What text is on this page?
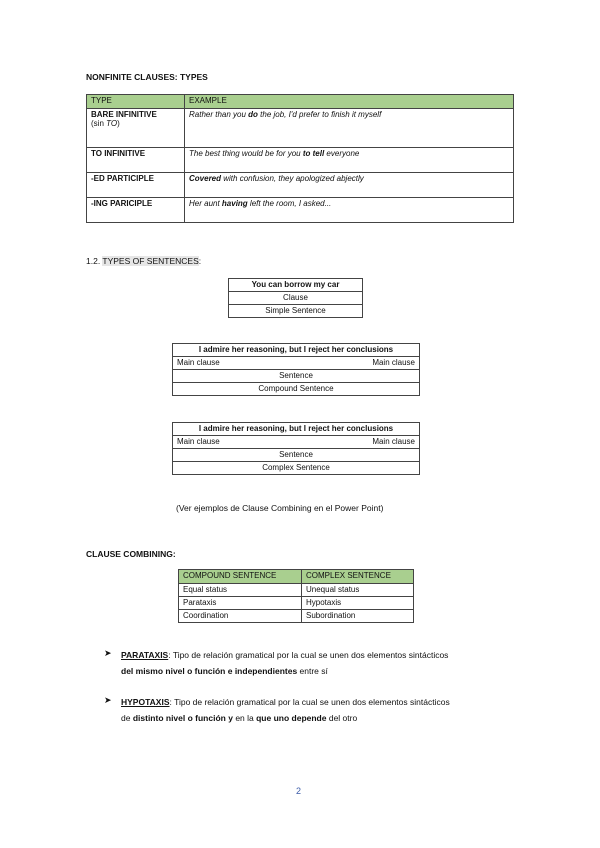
NONFINITE CLAUSES: TYPES
TYPE	EXAMPLE
BARE INFINITIVE
(sin TO)	Rather than you do the job, I'd prefer to finish it myself
TO INFINITIVE	The best thing would be for you to tell everyone
-ED PARTICIPLE	Covered with confusion, they apologized abjectly
-ING PARICIPLE	Her aunt having left the room, I asked...
1.2. TYPES OF SENTENCES:
You can borrow my car
Clause
Simple Sentence
I admire her reasoning, but I reject her conclusions
Main clause	Main clause

Sentence
Compound Sentence
I admire her reasoning, but I reject her conclusions
Main clause	Main clause

Sentence
Complex Sentence
(Ver ejemplos de Clause Combining en el Power Point)
CLAUSE COMBINING:
COMPOUND SENTENCE	COMPLEX SENTENCE
Equal status	Unequal status
Parataxis	Hypotaxis
Coordination	Subordination
➤ PARATAXIS: Tipo de relación gramatical por la cual se unen dos elementos sintácticos
del mismo nivel o función e independientes entre sí
➤ HYPOTAXIS: Tipo de relación gramatical por la cual se unen dos elementos sintácticos
de distinto nivel o función y en la que uno depende del otro
2
